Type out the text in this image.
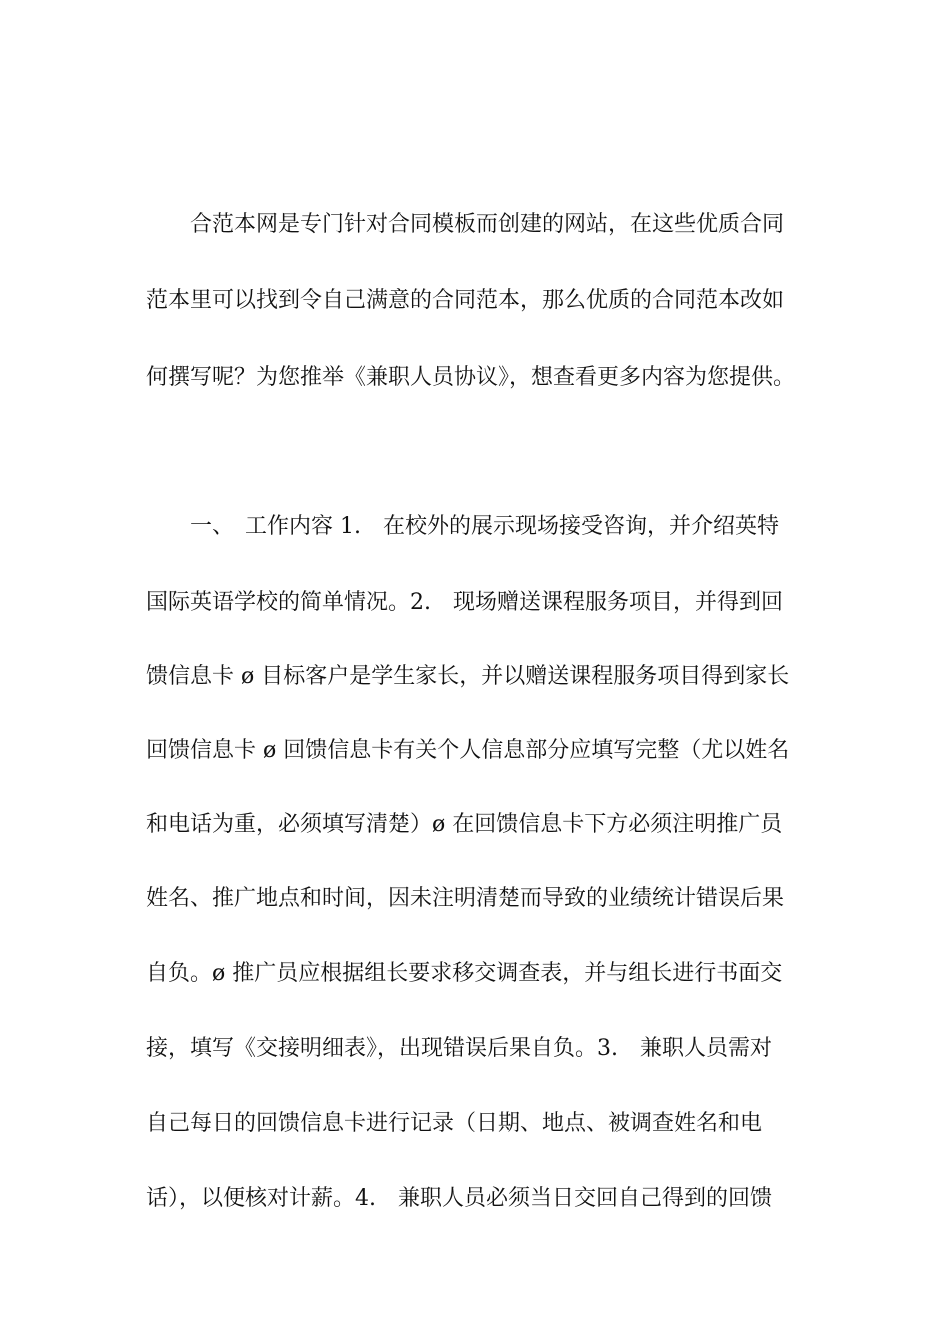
合范本网是专门针对合同模板而创建的网站，在这些优质合同
范本里可以找到令自己满意的合同范本，那么优质的合同范本改如
何撰写呢？为您推举《兼职人员协议》，想查看更多内容为您提供。
一、　工作内容 1.　在校外的展示现场接受咨询，并介绍英特
国际英语学校的简单情况。2.　现场赠送课程服务项目，并得到回
馈信息卡 ø 目标客户是学生家长，并以赠送课程服务项目得到家长
回馈信息卡 ø 回馈信息卡有关个人信息部分应填写完整（尤以姓名
和电话为重，必须填写清楚）ø 在回馈信息卡下方必须注明推广员
姓名、推广地点和时间，因未注明清楚而导致的业绩统计错误后果
自负。ø 推广员应根据组长要求移交调查表，并与组长进行书面交
接，填写《交接明细表》，出现错误后果自负。3.　兼职人员需对
自己每日的回馈信息卡进行记录（日期、地点、被调查姓名和电
话），以便核对计薪。4.　兼职人员必须当日交回自己得到的回馈
